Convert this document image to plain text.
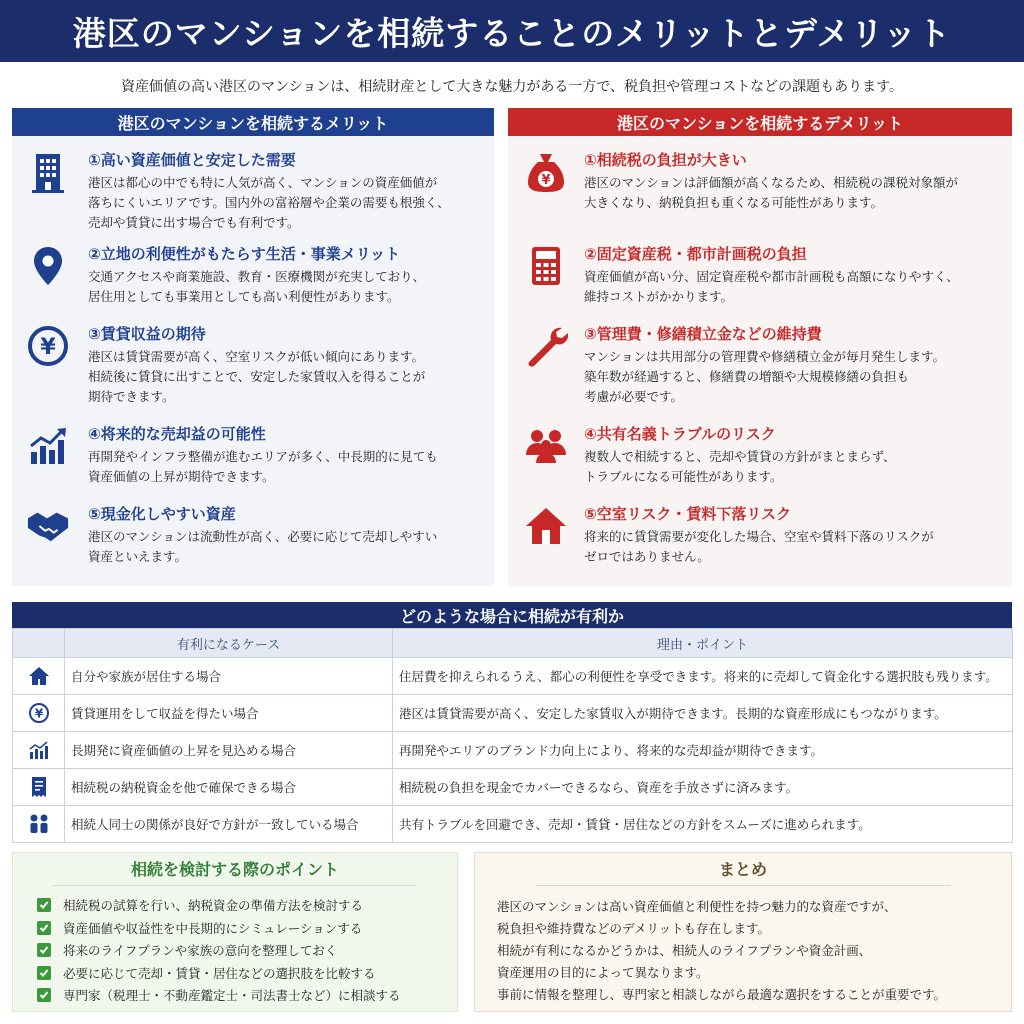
港区のマンションを相続することのメリットとデメリット
資産価値の高い港区のマンションは、相続財産として大きな魅力がある一方で、税負担や管理コストなどの課題もあります。
港区のマンションを相続するメリット
①高い資産価値と安定した需要

港区は都心の中でも特に人気が高く、マンションの資産価値が
落ちにくいエリアです。国内外の富裕層や企業の需要も根強く、
売却や賃貸に出す場合でも有利です。

②立地の利便性がもたらす生活・事業メリット

交通アクセスや商業施設、教育・医療機関が充実しており、
居住用としても事業用としても高い利便性があります。

¥
③賃貸収益の期待

港区は賃貸需要が高く、空室リスクが低い傾向にあります。
相続後に賃貸に出すことで、安定した家賃収入を得ることが
期待できます。

④将来的な売却益の可能性

再開発やインフラ整備が進むエリアが多く、中長期的に見ても
資産価値の上昇が期待できます。

⑤現金化しやすい資産

港区のマンションは流動性が高く、必要に応じて売却しやすい
資産といえます。

港区のマンションを相続するデメリット
¥
①相続税の負担が大きい

港区のマンションは評価額が高くなるため、相続税の課税対象額が
大きくなり、納税負担も重くなる可能性があります。

②固定資産税・都市計画税の負担

資産価値が高い分、固定資産税や都市計画税も高額になりやすく、
維持コストがかかります。

③管理費・修繕積立金などの維持費

マンションは共用部分の管理費や修繕積立金が毎月発生します。
築年数が経過すると、修繕費の増額や大規模修繕の負担も
考慮が必要です。

④共有名義トラブルのリスク

複数人で相続すると、売却や賃貸の方針がまとまらず、
トラブルになる可能性があります。

⑤空室リスク・賃料下落リスク

将来的に賃貸需要が変化した場合、空室や賃料下落のリスクが
ゼロではありません。

どのような場合に相続が有利か
	有利になるケース	理由・ポイント

	自分や家族が居住する場合	住居費を抑えられるうえ、都心の利便性を享受できます。将来的に売却して資金化する選択肢も残ります。

¥	賃貸運用をして収益を得たい場合	港区は賃貸需要が高く、安定した家賃収入が期待できます。長期的な資産形成にもつながります。

	長期発に資産価値の上昇を見込める場合	再開発やエリアのブランド力向上により、将来的な売却益が期待できます。

	相続税の納税資金を他で確保できる場合	相続税の負担を現金でカバーできるなら、資産を手放さずに済みます。

	相続人同士の関係が良好で方針が一致している場合	共有トラブルを回避でき、売却・賃貸・居住などの方針をスムーズに進められます。
相続を検討する際のポイント
相続税の試算を行い、納税資金の準備方法を検討する
資産価値や収益性を中長期的にシミュレーションする
将来のライフプランや家族の意向を整理しておく
必要に応じて売却・賃貸・居住などの選択肢を比較する
専門家（税理士・不動産鑑定士・司法書士など）に相談する
まとめ
港区のマンションは高い資産価値と利便性を持つ魅力的な資産ですが、
税負担や維持費などのデメリットも存在します。
相続が有利になるかどうかは、相続人のライフプランや資金計画、
資産運用の目的によって異なります。
事前に情報を整理し、専門家と相談しながら最適な選択をすることが重要です。
